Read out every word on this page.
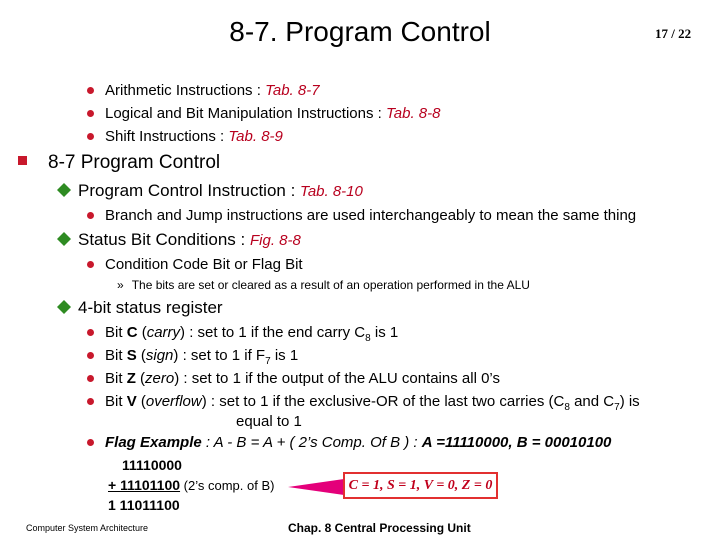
8-7. Program Control	17 / 22
Arithmetic Instructions : Tab. 8-7
Logical and Bit Manipulation Instructions : Tab. 8-8
Shift Instructions : Tab. 8-9
8-7 Program Control
Program Control Instruction : Tab. 8-10
Branch and Jump instructions are used interchangeably to mean the same thing
Status Bit Conditions : Fig. 8-8
Condition Code Bit or Flag Bit
» The bits are set or cleared as a result of an operation performed in the ALU
4-bit status register
Bit C (carry) : set to 1 if the end carry $C_8$ is 1
Bit S (sign) : set to 1 if $F_7$ is 1
Bit Z (zero) : set to 1 if the output of the ALU contains all 0’s
Bit V (overflow) : set to 1 if the exclusive-OR of the last two carries ($C_8$ and $C_7$) is
equal to 1
Flag Example : A - B = A + ( 2’s Comp. Of B ) : A =11110000, B = 00010100
11110000
+ 11101100 (2’s comp. of B)
1 11011100
C = 1, S = 1, V = 0, Z = 0
Computer System Architecture	Chap. 8 Central Processing Unit
